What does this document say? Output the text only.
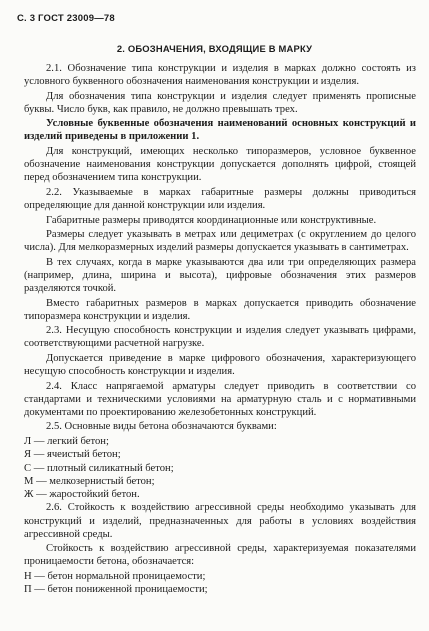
С. 3 ГОСТ 23009—78
2. ОБОЗНАЧЕНИЯ, ВХОДЯЩИЕ В МАРКУ

2.1. Обозначение типа конструкции и изделия в марках должно состоять из условного буквенного обозначения наименования конструкции и изделия.

Для обозначения типа конструкции и изделия следует применять прописные буквы. Число букв, как правило, не должно превышать трех.

Условные буквенные обозначения наименований основных конструкций и изделий приведены в приложении 1.

Для конструкций, имеющих несколько типоразмеров, условное буквенное обозначение наименования конструкции допускается дополнять цифрой, стоящей перед обозначением типа конструкции.

2.2. Указываемые в марках габаритные размеры должны приводиться определяющие для данной конструкции или изделия.

Габаритные размеры приводятся координационные или конструктивные.

Размеры следует указывать в метрах или дециметрах (с округлением до целого числа). Для мелкоразмерных изделий размеры допускается указывать в сантиметрах.

В тех случаях, когда в марке указываются два или три определяющих размера (например, длина, ширина и высота), цифровые обозначения этих размеров разделяются точкой.

Вместо габаритных размеров в марках допускается приводить обозначение типоразмера конструкции и изделия.

2.3. Несущую способность конструкции и изделия следует указывать цифрами, соответствующими расчетной нагрузке.

Допускается приведение в марке цифрового обозначения, характеризующего несущую способность конструкции и изделия.

2.4. Класс напрягаемой арматуры следует приводить в соответствии со стандартами и техническими условиями на арматурную сталь и с нормативными документами по проектированию железобетонных конструкций.

2.5. Основные виды бетона обозначаются буквами:

Л — легкий бетон;
Я — ячеистый бетон;
С — плотный силикатный бетон;
М — мелкозернистый бетон;
Ж — жаростойкий бетон.

2.6. Стойкость к воздействию агрессивной среды необходимо указывать для конструкций и изделий, предназначенных для работы в условиях воздействия агрессивной среды.

Стойкость к воздействию агрессивной среды, характеризуемая показателями проницаемости бетона, обозначается:

Н — бетон нормальной проницаемости;
П — бетон пониженной проницаемости;
